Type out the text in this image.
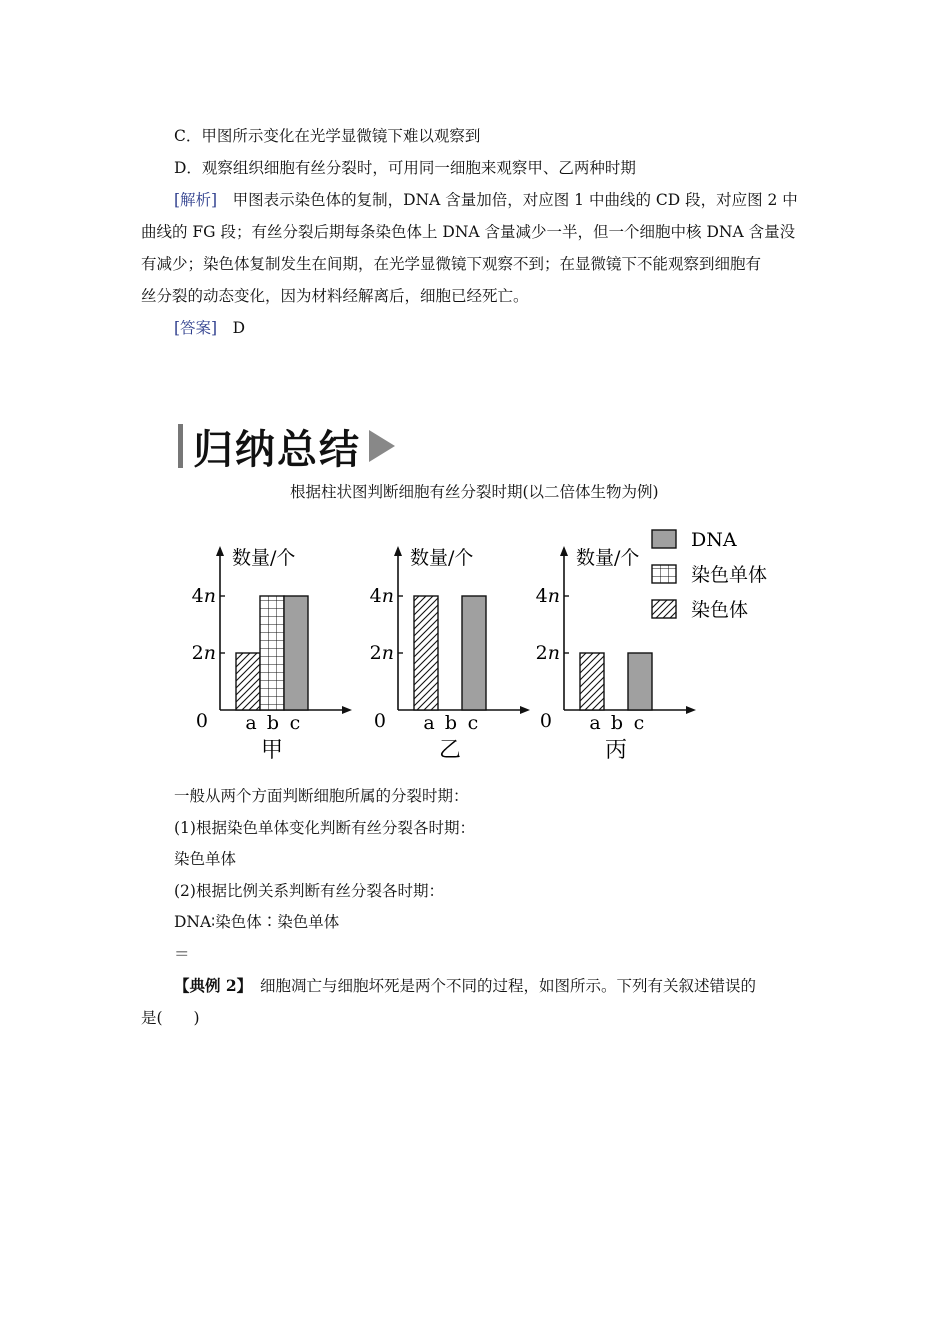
C．甲图所示变化在光学显微镜下难以观察到
D．观察组织细胞有丝分裂时，可用同一细胞来观察甲、乙两种时期
[解析]　 甲图表示染色体的复制，DNA 含量加倍，对应图 1 中曲线的 CD 段，对应图 2 中
曲线的 FG 段；有丝分裂后期每条染色体上 DNA 含量减少一半，但一个细胞中核 DNA 含量没
有减少；染色体复制发生在间期，在光学显微镜下观察不到；在显微镜下不能观察到细胞有
丝分裂的动态变化，因为材料经解离后，细胞已经死亡。
[答案]　 D
归纳总结
根据柱状图判断细胞有丝分裂时期(以二倍体生物为例)
数量/个
2n
4n
0 a b c
甲
数量/个
2n
4n
0 a b c
乙
数量/个
2n
4n
0 a b c
丙
DNA
染色单体
染色体
一般从两个方面判断细胞所属的分裂时期：
(1)根据染色单体变化判断有丝分裂各时期：
染色单体
(2)根据比例关系判断有丝分裂各时期：
DNA∶染色体∶染色单体
＝
【典例 2】　 细胞凋亡与细胞坏死是两个不同的过程，如图所示。下列有关叙述错误的
是(　　)
